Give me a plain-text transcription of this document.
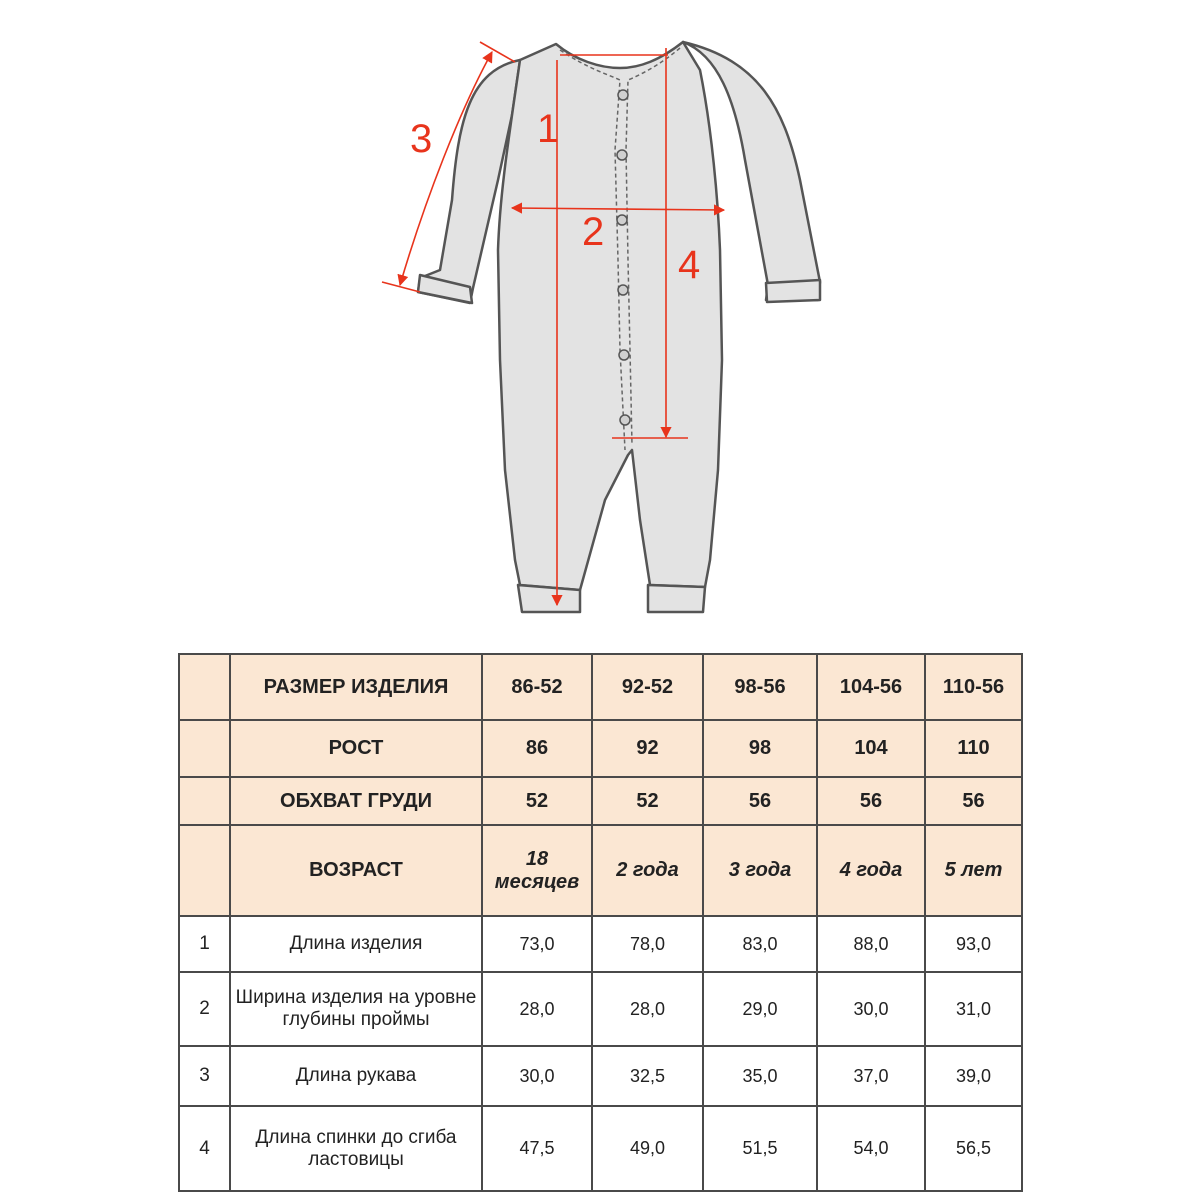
1
2
3
4
	РАЗМЕР ИЗДЕЛИЯ	86-52	92-52	98-56	104-56	110-56
	РОСТ	86	92	98	104	110
	ОБХВАТ ГРУДИ	52	52	56	56	56
	ВОЗРАСТ	18 месяцев	2 года	3 года	4 года	5 лет
1	Длина изделия	73,0	78,0	83,0	88,0	93,0
2	Ширина изделия на уровне глубины проймы	28,0	28,0	29,0	30,0	31,0
3	Длина рукава	30,0	32,5	35,0	37,0	39,0
4	Длина спинки до сгиба ластовицы	47,5	49,0	51,5	54,0	56,5
